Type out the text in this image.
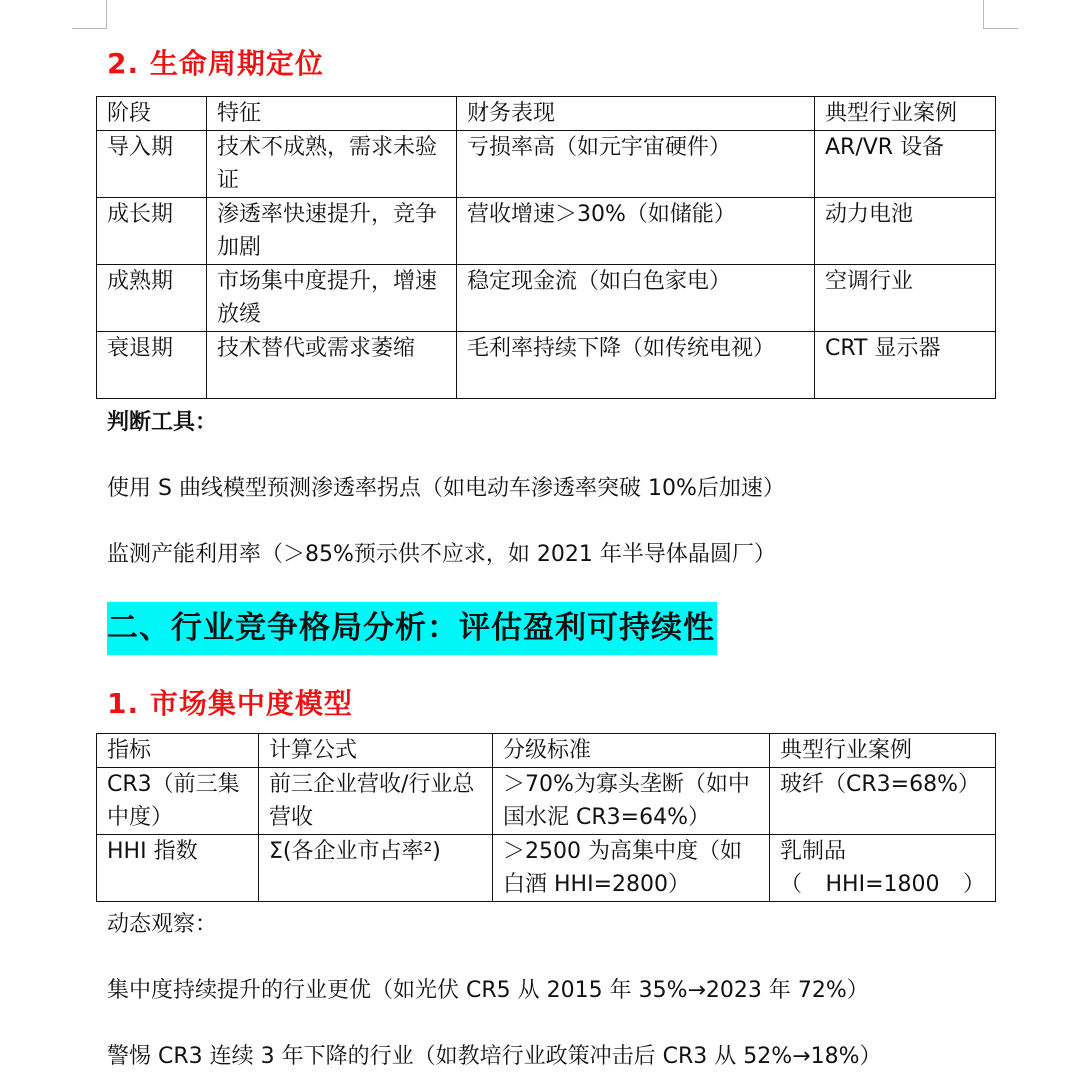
2. 生命周期定位
阶段	特征	财务表现	典型行业案例
导入期	技术不成熟，需求未验证	亏损率高（如元宇宙硬件）	AR/VR 设备
成长期	渗透率快速提升，竞争加剧	营收增速＞30%（如储能）	动力电池
成熟期	市场集中度提升，增速放缓	稳定现金流（如白色家电）	空调行业
衰退期	技术替代或需求萎缩	毛利率持续下降（如传统电视）	CRT 显示器
判断工具：
使用 S 曲线模型预测渗透率拐点（如电动车渗透率突破 10%后加速）
监测产能利用率（＞85%预示供不应求，如 2021 年半导体晶圆厂）
二、行业竞争格局分析：评估盈利可持续性
1. 市场集中度模型
指标	计算公式	分级标准	典型行业案例
CR3（前三集中度）	前三企业营收/行业总营收	＞70%为寡头垄断（如中国水泥 CR3=64%）	玻纤（CR3=68%）
HHI 指数	Σ(各企业市占率²)	＞2500 为高集中度（如白酒 HHI=2800）	乳制品（HHI=1800）
动态观察：
集中度持续提升的行业更优（如光伏 CR5 从 2015 年 35%→2023 年 72%）
警惕 CR3 连续 3 年下降的行业（如教培行业政策冲击后 CR3 从 52%→18%）
